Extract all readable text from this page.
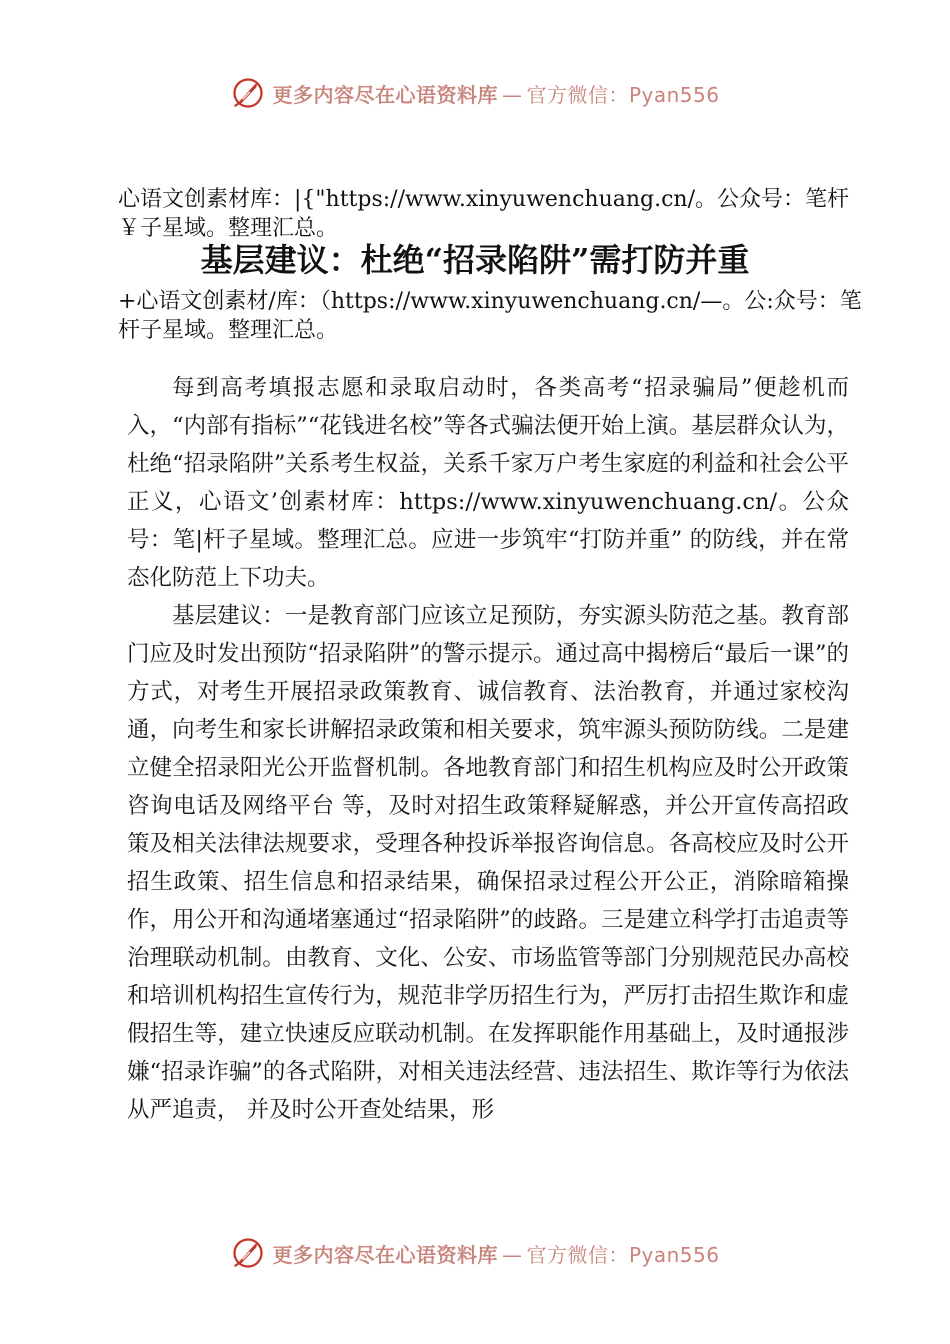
更多内容尽在心语资料库 — 官方微信：Pyan556
心语文创素材库：|{"https://www.xinyuwenchuang.cn/。公众号：笔杆￥子星域。整理汇总。
基层建议：杜绝“招录陷阱”需打防并重
+心语文创素材/库：（https://www.xinyuwenchuang.cn/—。公:众号：笔杆子星域。整理汇总。

每到高考填报志愿和录取启动时，各类高考“招录骗局”便趁机而入，“内部有指标”“花钱进名校”等各式骗法便开始上演。基层群众认为，杜绝“招录陷阱”关系考生权益，关系千家万户考生家庭的利益和社会公平正义，心语文’创素材库：https://www.xinyuwenchuang.cn/。公众号：笔|杆子星域。整理汇总。应进一步筑牢“打防并重” 的防线，并在常态化防范上下功夫。

基层建议：一是教育部门应该立足预防，夯实源头防范之基。教育部门应及时发出预防“招录陷阱”的警示提示。通过高中揭榜后“最后一课”的方式，对考生开展招录政策教育、诚信教育、法治教育，并通过家校沟通，向考生和家长讲解招录政策和相关要求，筑牢源头预防防线。二是建立健全招录阳光公开监督机制。各地教育部门和招生机构应及时公开政策咨询电话及网络平台 等，及时对招生政策释疑解惑，并公开宣传高招政策及相关法律法规要求，受理各种投诉举报咨询信息。各高校应及时公开招生政策、招生信息和招录结果，确保招录过程公开公正，消除暗箱操作，用公开和沟通堵塞通过“招录陷阱”的歧路。三是建立科学打击追责等治理联动机制。由教育、文化、公安、市场监管等部门分别规范民办高校和培训机构招生宣传行为，规范非学历招生行为，严厉打击招生欺诈和虚假招生等，建立快速反应联动机制。在发挥职能作用基础上，及时通报涉嫌“招录诈骗”的各式陷阱，对相关违法经营、违法招生、欺诈等行为依法从严追责， 并及时公开查处结果，形

更多内容尽在心语资料库 — 官方微信：Pyan556
